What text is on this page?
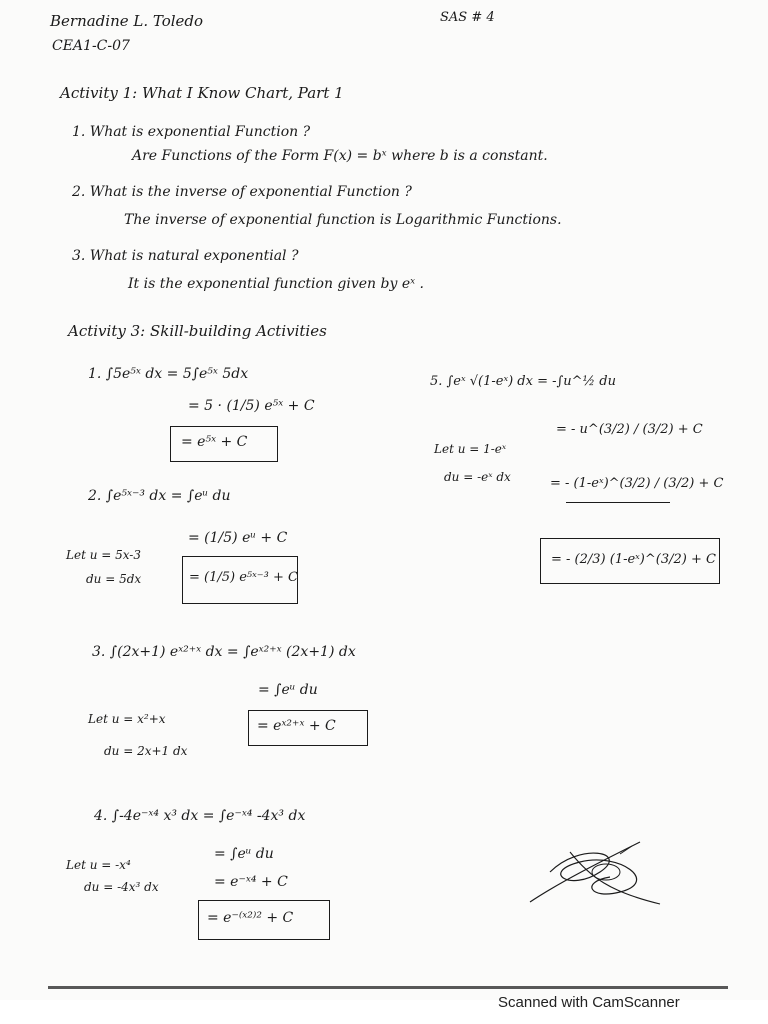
Bernadine L. Toledo
CEA1-C-07
SAS # 4
Activity 1: What I Know Chart, Part 1
1. What is exponential Function ?
Are Functions of the Form F(x) = bˣ where b is a constant.
2. What is the inverse of exponential Function ?
The inverse of exponential function is Logarithmic Functions.
3. What is natural exponential ?
It is the exponential function given by eˣ .
Activity 3: Skill-building Activities
1. ∫5e⁵ˣ dx = 5∫e⁵ˣ 5dx
= 5 · (1/5) e⁵ˣ + C
= e⁵ˣ + C
2. ∫e⁵ˣ⁻³ dx = ∫eᵘ du
= (1/5) eᵘ + C
= (1/5) e⁵ˣ⁻³ + C
Let u = 5x-3
du = 5dx
3. ∫(2x+1) eˣ²⁺ˣ dx = ∫eˣ²⁺ˣ (2x+1) dx
= ∫eᵘ du
= eˣ²⁺ˣ + C
Let u = x²+x
du = 2x+1 dx
4. ∫-4e⁻ˣ⁴ x³ dx = ∫e⁻ˣ⁴ -4x³ dx
= ∫eᵘ du
= e⁻ˣ⁴ + C
= e⁻⁽ˣ²⁾² + C
Let u = -x⁴
du = -4x³ dx
5. ∫eˣ √(1-eˣ) dx = -∫u^½ du
= - u^(3/2) / (3/2) + C
= - (1-eˣ)^(3/2) / (3/2) + C
= - (2/3) (1-eˣ)^(3/2) + C
Let u = 1-eˣ
du = -eˣ dx
Scanned with CamScanner
